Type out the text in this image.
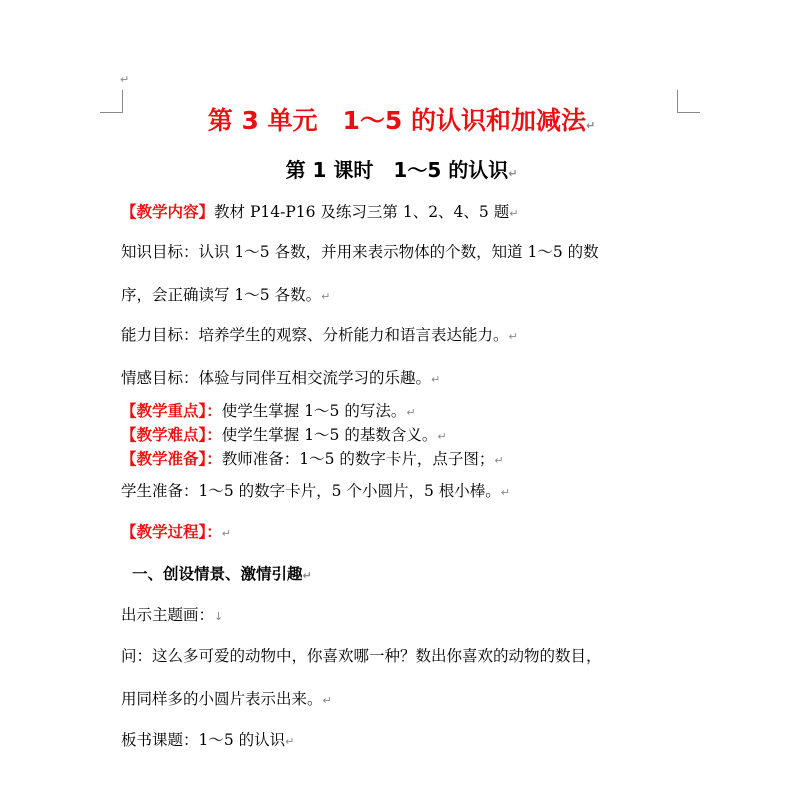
↵
第 3 单元　1～5 的认识和加减法↵
第 1 课时　1～5 的认识↵
【教学内容】教材 P14-P16 及练习三第 1、2、4、5 题↵
知识目标：认识 1～5 各数，并用来表示物体的个数，知道 1～5 的数
序，会正确读写 1～5 各数。↵
能力目标：培养学生的观察、分析能力和语言表达能力。↵
情感目标：体验与同伴互相交流学习的乐趣。↵
【教学重点】：使学生掌握 1～5 的写法。↵
【教学难点】：使学生掌握 1～5 的基数含义。↵
【教学准备】：教师准备：1～5 的数字卡片，点子图；↵
学生准备：1～5 的数字卡片，5 个小圆片，5 根小棒。↵
【教学过程】：↵
一、创设情景、激情引趣↵
出示主题画：↓
问：这么多可爱的动物中，你喜欢哪一种？数出你喜欢的动物的数目，
用同样多的小圆片表示出来。↵
板书课题：1～5 的认识↵
